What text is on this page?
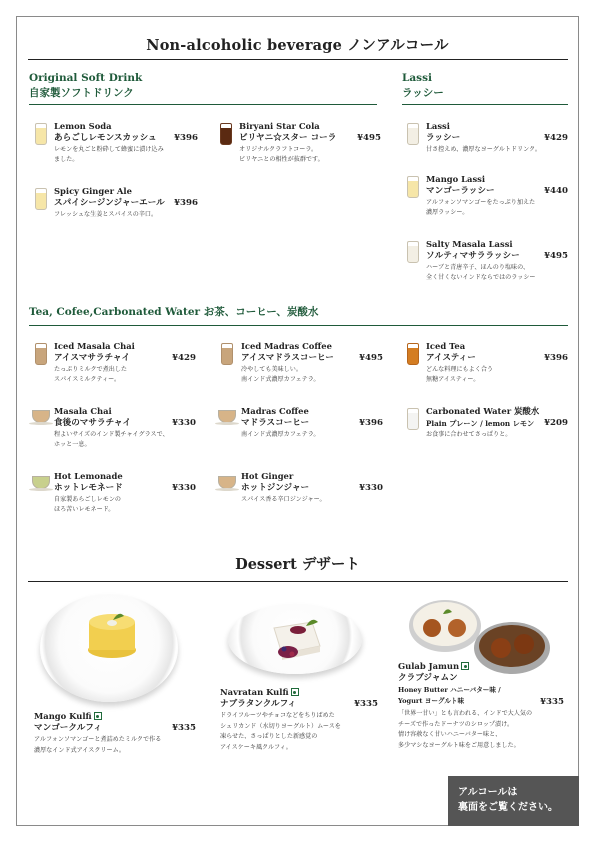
Non-alcoholic beverage ノンアルコール
Original Soft Drink
自家製ソフトドリンク
Lassi
ラッシー
Lemon Soda
あらごしレモンスカッシュ ¥396
レモンを丸ごと粉砕して蜂蜜に漬け込み
ました。
Spicy Ginger Ale
スパイシージンジャーエール ¥396
フレッシュな生姜とスパイスの辛口。
Biryani Star Cola
ビリヤニ☆スター コーラ ¥495
オリジナルクラフトコーラ。
ビリヤニとの相性が抜群です。
Lassi
ラッシー	¥429
甘さ控えめ、濃厚なヨーグルトドリンク。
Mango Lassi
マンゴーラッシー	¥440
アルフォンソマンゴーをたっぷり加えた
濃厚ラッシー。
Salty Masala Lassi
ソルティマサララッシー	¥495
ハーブと青唐辛子、ほんのり塩味の、
全く甘くないインドならではのラッシー
Tea, Cofee,Carbonated Water お茶、コーヒー、炭酸水
Iced Masala Chai
アイスマサラチャイ	¥429
たっぷりミルクで煮出した
スパイスミルクティー。
Masala Chai
食後のマサラチャイ	¥330
程よいサイズのインド製チャイグラスで、
ホッと一息。
Hot Lemonade
ホットレモネード	¥330
自家製あらごしレモンの
ほろ苦いレモネード。
Iced Madras Coffee
アイスマドラスコーヒー	¥495
冷やしても美味しい。
南インド式濃厚カフェテラ。
Madras Coffee
マドラスコーヒー	¥396
南インド式濃厚カフェテラ。
Hot Ginger
ホットジンジャー	¥330
スパイス香る辛口ジンジャー。
Iced Tea
アイスティー	¥396
どんな料理にもよく合う
無糖アイスティー。
Carbonated Water 炭酸水
Plain プレーン / lemon レモン ¥209
お食事に合わせてさっぱりと。
Dessert デザート
Mango Kulfi
マンゴークルフィ	¥335
アルフォンソマンゴーと煮詰めたミルクで作る
濃厚なインド式アイスクリーム。
Navratan Kulfi
ナブラタンクルフィ	¥335
ドライフルーツやチョコなどをちりばめた
シュリカンド（水切りヨーグルト）ムースを
凍らせた、さっぱりとした新感覚の
アイスケーキ風クルフィ。
Gulab Jamun
クラブジャムン
Honey Butter ハニーバター味 /
Yogurt ヨーグルト味	¥335
「世界一甘い」とも言われる、インドで大人気の
チーズで作ったドーナツのシロップ漬け。
情け容赦なく甘いハニーバター味と、
多少マシなヨーグルト味をご用意しました。
アルコールは
裏面をご覧ください。
